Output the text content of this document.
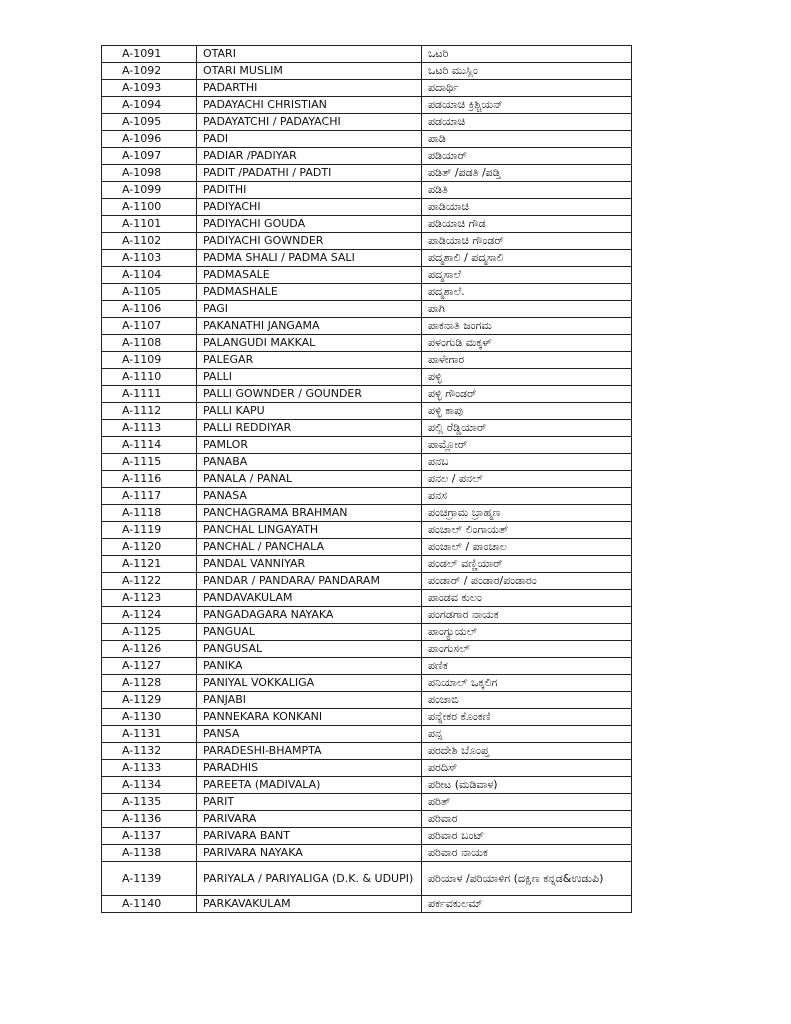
A-1091	OTARI	ಒಟರಿ
A-1092	OTARI MUSLIM	ಒಟರಿ ಮುಸ್ಲಿಂ
A-1093	PADARTHI	ಪದಾರ್ಥಿ
A-1094	PADAYACHI CHRISTIAN	ಪಡಯಾಚಿ ಕ್ರಿಶ್ಚಿಯನ್
A-1095	PADAYATCHI / PADAYACHI	ಪಡಯಾಚಿ
A-1096	PADI	ಪಾಡಿ
A-1097	PADIAR /PADIYAR	ಪಡಿಯಾರ್
A-1098	PADIT /PADATHI / PADTI	ಪಡಿತ್ /ಪಡತಿ /ಪಡ್ತಿ
A-1099	PADITHI	ಪಡಿತಿ
A-1100	PADIYACHI	ಪಾಡಿಯಾಚಿ
A-1101	PADIYACHI GOUDA	ಪಡಿಯಾಚಿ ಗೌಡ
A-1102	PADIYACHI GOWNDER	ಪಾಡಿಯಾಚಿ ಗೌಂಡರ್
A-1103	PADMA SHALI / PADMA SALI	ಪದ್ಮಶಾಲಿ / ಪದ್ಮಸಾಲಿ
A-1104	PADMASALE	ಪದ್ಮಸಾಲೆ
A-1105	PADMASHALE	ಪದ್ಮಶಾಲೆ.
A-1106	PAGI	ಪಾಗಿ
A-1107	PAKANATHI JANGAMA	ಪಾಕನಾತಿ ಜಂಗಮ
A-1108	PALANGUDI MAKKAL	ಪಳಂಗುಡಿ ಮಕ್ಕಳ್
A-1109	PALEGAR	ಪಾಳೇಗಾರ
A-1110	PALLI	ಪಳ್ಳಿ
A-1111	PALLI GOWNDER / GOUNDER	ಪಳ್ಳಿ ಗೌಂಡರ್
A-1112	PALLI KAPU	ಪಳ್ಳಿ ಕಾಪು
A-1113	PALLI REDDIYAR	ಪಲ್ಲಿ ರೆಡ್ಡಿಯಾರ್
A-1114	PAMLOR	ಪಾಮ್ಲೋರ್
A-1115	PANABA	ಪನಬ
A-1116	PANALA / PANAL	ಪನಲ / ಪನಲ್
A-1117	PANASA	ಪನಸ
A-1118	PANCHAGRAMA BRAHMAN	ಪಂಚಗ್ರಾಮ ಬ್ರಾಹ್ಮಣ
A-1119	PANCHAL LINGAYATH	ಪಂಚಾಲ್ ಲಿಂಗಾಯತ್
A-1120	PANCHAL / PANCHALA	ಪಂಚಾಲ್ / ಪಾಂಚಾಲ
A-1121	PANDAL VANNIYAR	ಪಂಡಲ್ ವಣ್ಣಿಯಾರ್
A-1122	PANDAR / PANDARA/ PANDARAM	ಪಂಡಾರ್ / ಪಂಡಾರ/ಪಂಡಾರಂ
A-1123	PANDAVAKULAM	ಪಾಂಡವ ಕುಲಂ
A-1124	PANGADAGARA NAYAKA	ಪಂಗಡಗಾರ ನಾಯಕ
A-1125	PANGUAL	ಪಾಂಗ್ಯುಯಲ್
A-1126	PANGUSAL	ಪಾಂಗುಸಲ್
A-1127	PANIKA	ಪಣಿಕ
A-1128	PANIYAL VOKKALIGA	ಪನಿಯಾಲ್ ಒಕ್ಕಲಿಗ
A-1129	PANJABI	ಪಂಜಾಬಿ
A-1130	PANNEKARA KONKANI	ಪನ್ನೇಕರ ಕೊಂಕಣಿ
A-1131	PANSA	ಪನ್ಸ
A-1132	PARADESHI-BHAMPTA	ಪರದೇಶಿ ಬೊಂಪ್ತ
A-1133	PARADHIS	ಪರದಿಸ್
A-1134	PAREETA (MADIVALA)	ಪರೀಟ (ಮಡಿವಾಳ)
A-1135	PARIT	ಪರಿತ್
A-1136	PARIVARA	ಪರಿವಾರ
A-1137	PARIVARA BANT	ಪರಿವಾರ ಬಂಟ್
A-1138	PARIVARA NAYAKA	ಪರಿವಾರ ನಾಯಕ
A-1139	PARIYALA / PARIYALIGA (D.K. & UDUPI)	ಪರಿಯಾಳ /ಪರಿಯಾಳಿಗ (ದಕ್ಷಿಣ ಕನ್ನಡ&ಉಡುಪಿ)
A-1140	PARKAVAKULAM	ಪರ್ಕವಕುಲಮ್
